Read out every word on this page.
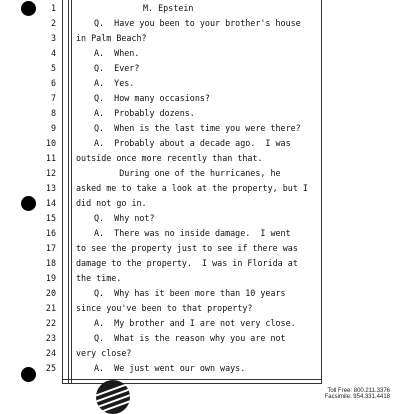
1	M. Epstein
2	Q.  Have you been to your brother's house
3 in Palm Beach?
4	A.  When.
5	Q.  Ever?
6	A.  Yes.
7	Q.  How many occasions?
8	A.  Probably dozens.
9	Q.  When is the last time you were there?
10	A.  Probably about a decade ago.  I was
11 outside once more recently than that.
12	During one of the hurricanes, he
13 asked me to take a look at the property, but I
14 did not go in.
15	Q.  Why not?
16	A.  There was no inside damage.  I went
17 to see the property just to see if there was
18 damage to the property.  I was in Florida at
19 the time.
20	Q.  Why has it been more than 10 years
21 since you've been to that property?
22	A.  My brother and I are not very close.
23	Q.  What is the reason why you are not
24 very close?
25	A.  We just went our own ways.
Toll Free: 800.211.3376
Facsimile: 954.331.4418
